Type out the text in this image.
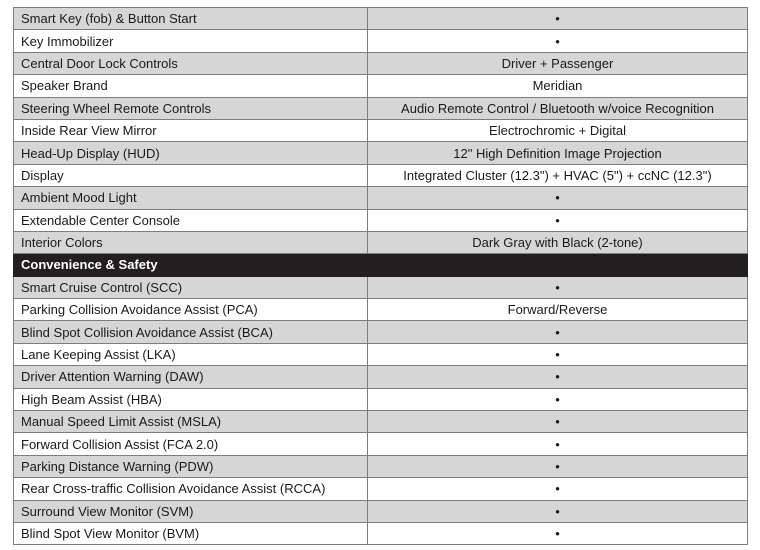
Smart Key (fob) & Button Start	•
Key Immobilizer	•
Central Door Lock Controls	Driver + Passenger
Speaker Brand	Meridian
Steering Wheel Remote Controls	Audio Remote Control / Bluetooth w/voice Recognition
Inside Rear View Mirror	Electrochromic + Digital
Head-Up Display (HUD)	12" High Definition Image Projection
Display	Integrated Cluster (12.3") + HVAC (5") + ccNC (12.3")
Ambient Mood Light	•
Extendable Center Console	•
Interior Colors	Dark Gray with Black (2-tone)
Convenience & Safety	
Smart Cruise Control (SCC)	•
Parking Collision Avoidance Assist (PCA)	Forward/Reverse
Blind Spot Collision Avoidance Assist (BCA)	•
Lane Keeping Assist (LKA)	•
Driver Attention Warning (DAW)	•
High Beam Assist (HBA)	•
Manual Speed Limit Assist (MSLA)	•
Forward Collision Assist (FCA 2.0)	•
Parking Distance Warning (PDW)	•
Rear Cross-traffic Collision Avoidance Assist (RCCA)	•
Surround View Monitor (SVM)	•
Blind Spot View Monitor (BVM)	•
